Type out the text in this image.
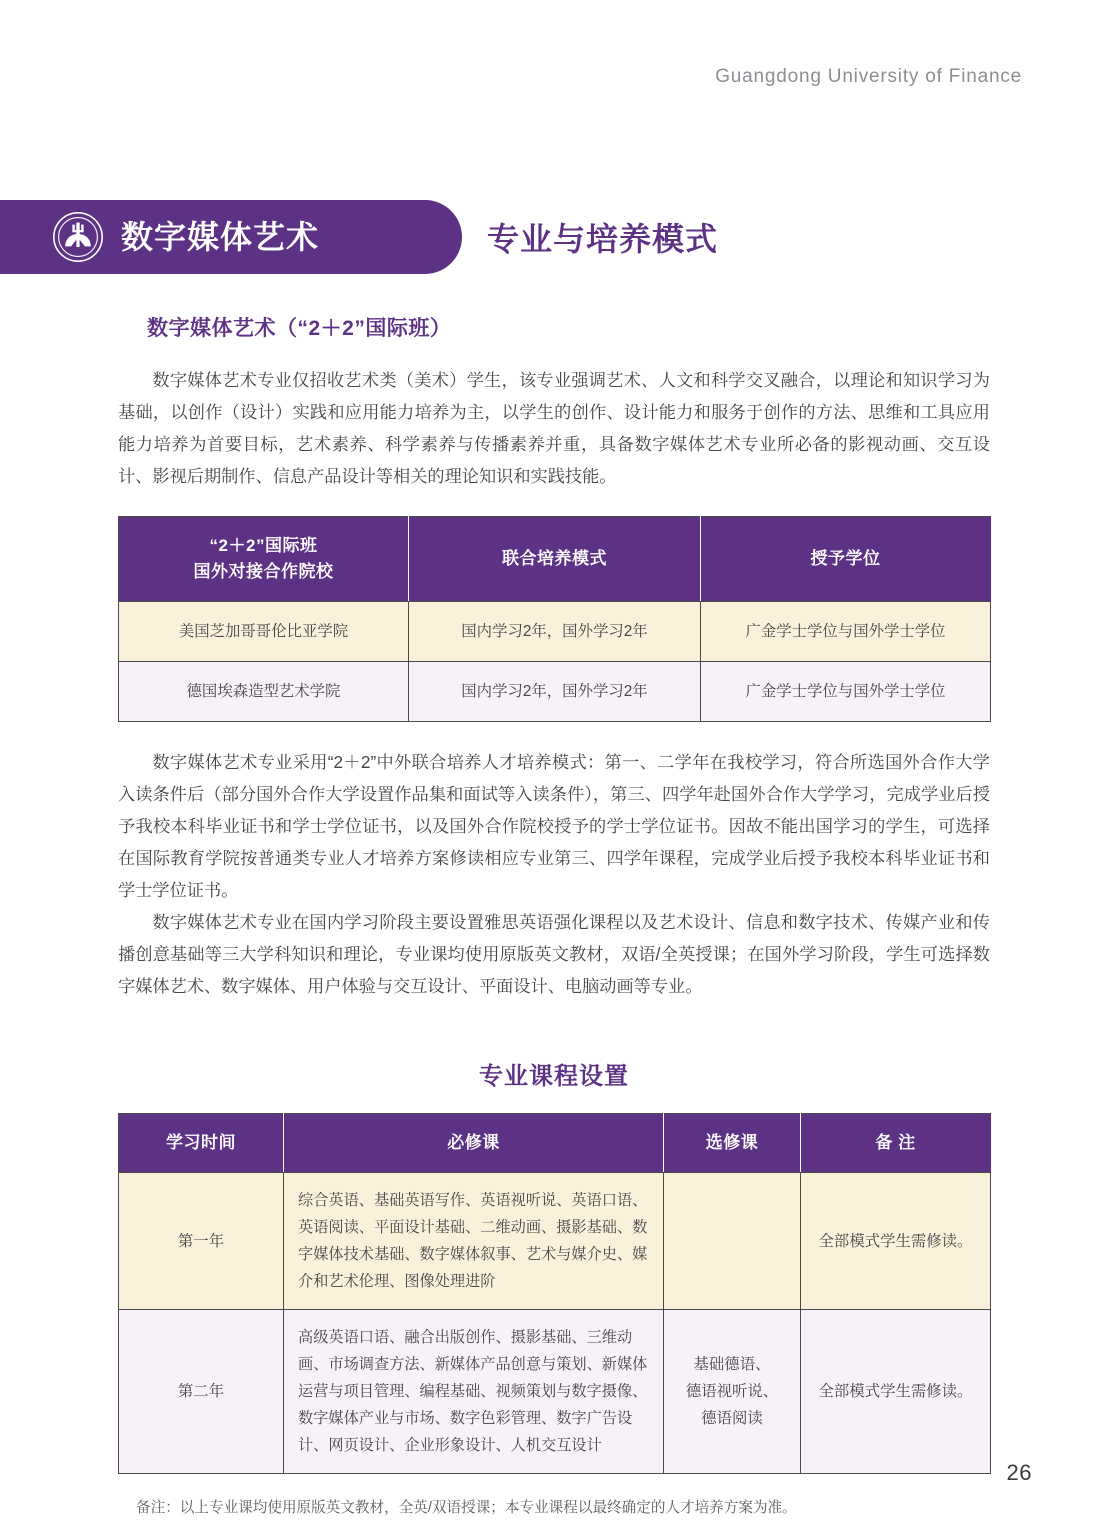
Guangdong University of Finance
数字媒体艺术	专业与培养模式
数字媒体艺术（“2＋2”国际班）

数字媒体艺术专业仅招收艺术类（美术）学生，该专业强调艺术、人文和科学交叉融合，以理论和知识学习为基础，以创作（设计）实践和应用能力培养为主，以学生的创作、设计能力和服务于创作的方法、思维和工具应用能力培养为首要目标，艺术素养、科学素养与传播素养并重，具备数字媒体艺术专业所必备的影视动画、交互设计、影视后期制作、信息产品设计等相关的理论知识和实践技能。

“2＋2”国际班
国外对接合作院校	联合培养模式	授予学位
美国芝加哥哥伦比亚学院	国内学习2年，国外学习2年	广金学士学位与国外学士学位
德国埃森造型艺术学院	国内学习2年，国外学习2年	广金学士学位与国外学士学位

数字媒体艺术专业采用“2＋2”中外联合培养人才培养模式：第一、二学年在我校学习，符合所选国外合作大学入读条件后（部分国外合作大学设置作品集和面试等入读条件），第三、四学年赴国外合作大学学习，完成学业后授予我校本科毕业证书和学士学位证书，以及国外合作院校授予的学士学位证书。因故不能出国学习的学生，可选择在国际教育学院按普通类专业人才培养方案修读相应专业第三、四学年课程，完成学业后授予我校本科毕业证书和学士学位证书。

数字媒体艺术专业在国内学习阶段主要设置雅思英语强化课程以及艺术设计、信息和数字技术、传媒产业和传播创意基础等三大学科知识和理论，专业课均使用原版英文教材，双语/全英授课；在国外学习阶段，学生可选择数字媒体艺术、数字媒体、用户体验与交互设计、平面设计、电脑动画等专业。

专业课程设置
学习时间	必修课	选修课	备 注
第一年	综合英语、基础英语写作、英语视听说、英语口语、英语阅读、平面设计基础、二维动画、摄影基础、数字媒体技术基础、数字媒体叙事、艺术与媒介史、媒介和艺术伦理、图像处理进阶		全部模式学生需修读。
第二年	高级英语口语、融合出版创作、摄影基础、三维动画、市场调查方法、新媒体产品创意与策划、新媒体运营与项目管理、编程基础、视频策划与数字摄像、数字媒体产业与市场、数字色彩管理、数字广告设计、网页设计、企业形象设计、人机交互设计	基础德语、
德语视听说、
德语阅读	全部模式学生需修读。

备注：以上专业课均使用原版英文教材，全英/双语授课；本专业课程以最终确定的人才培养方案为准。

26
